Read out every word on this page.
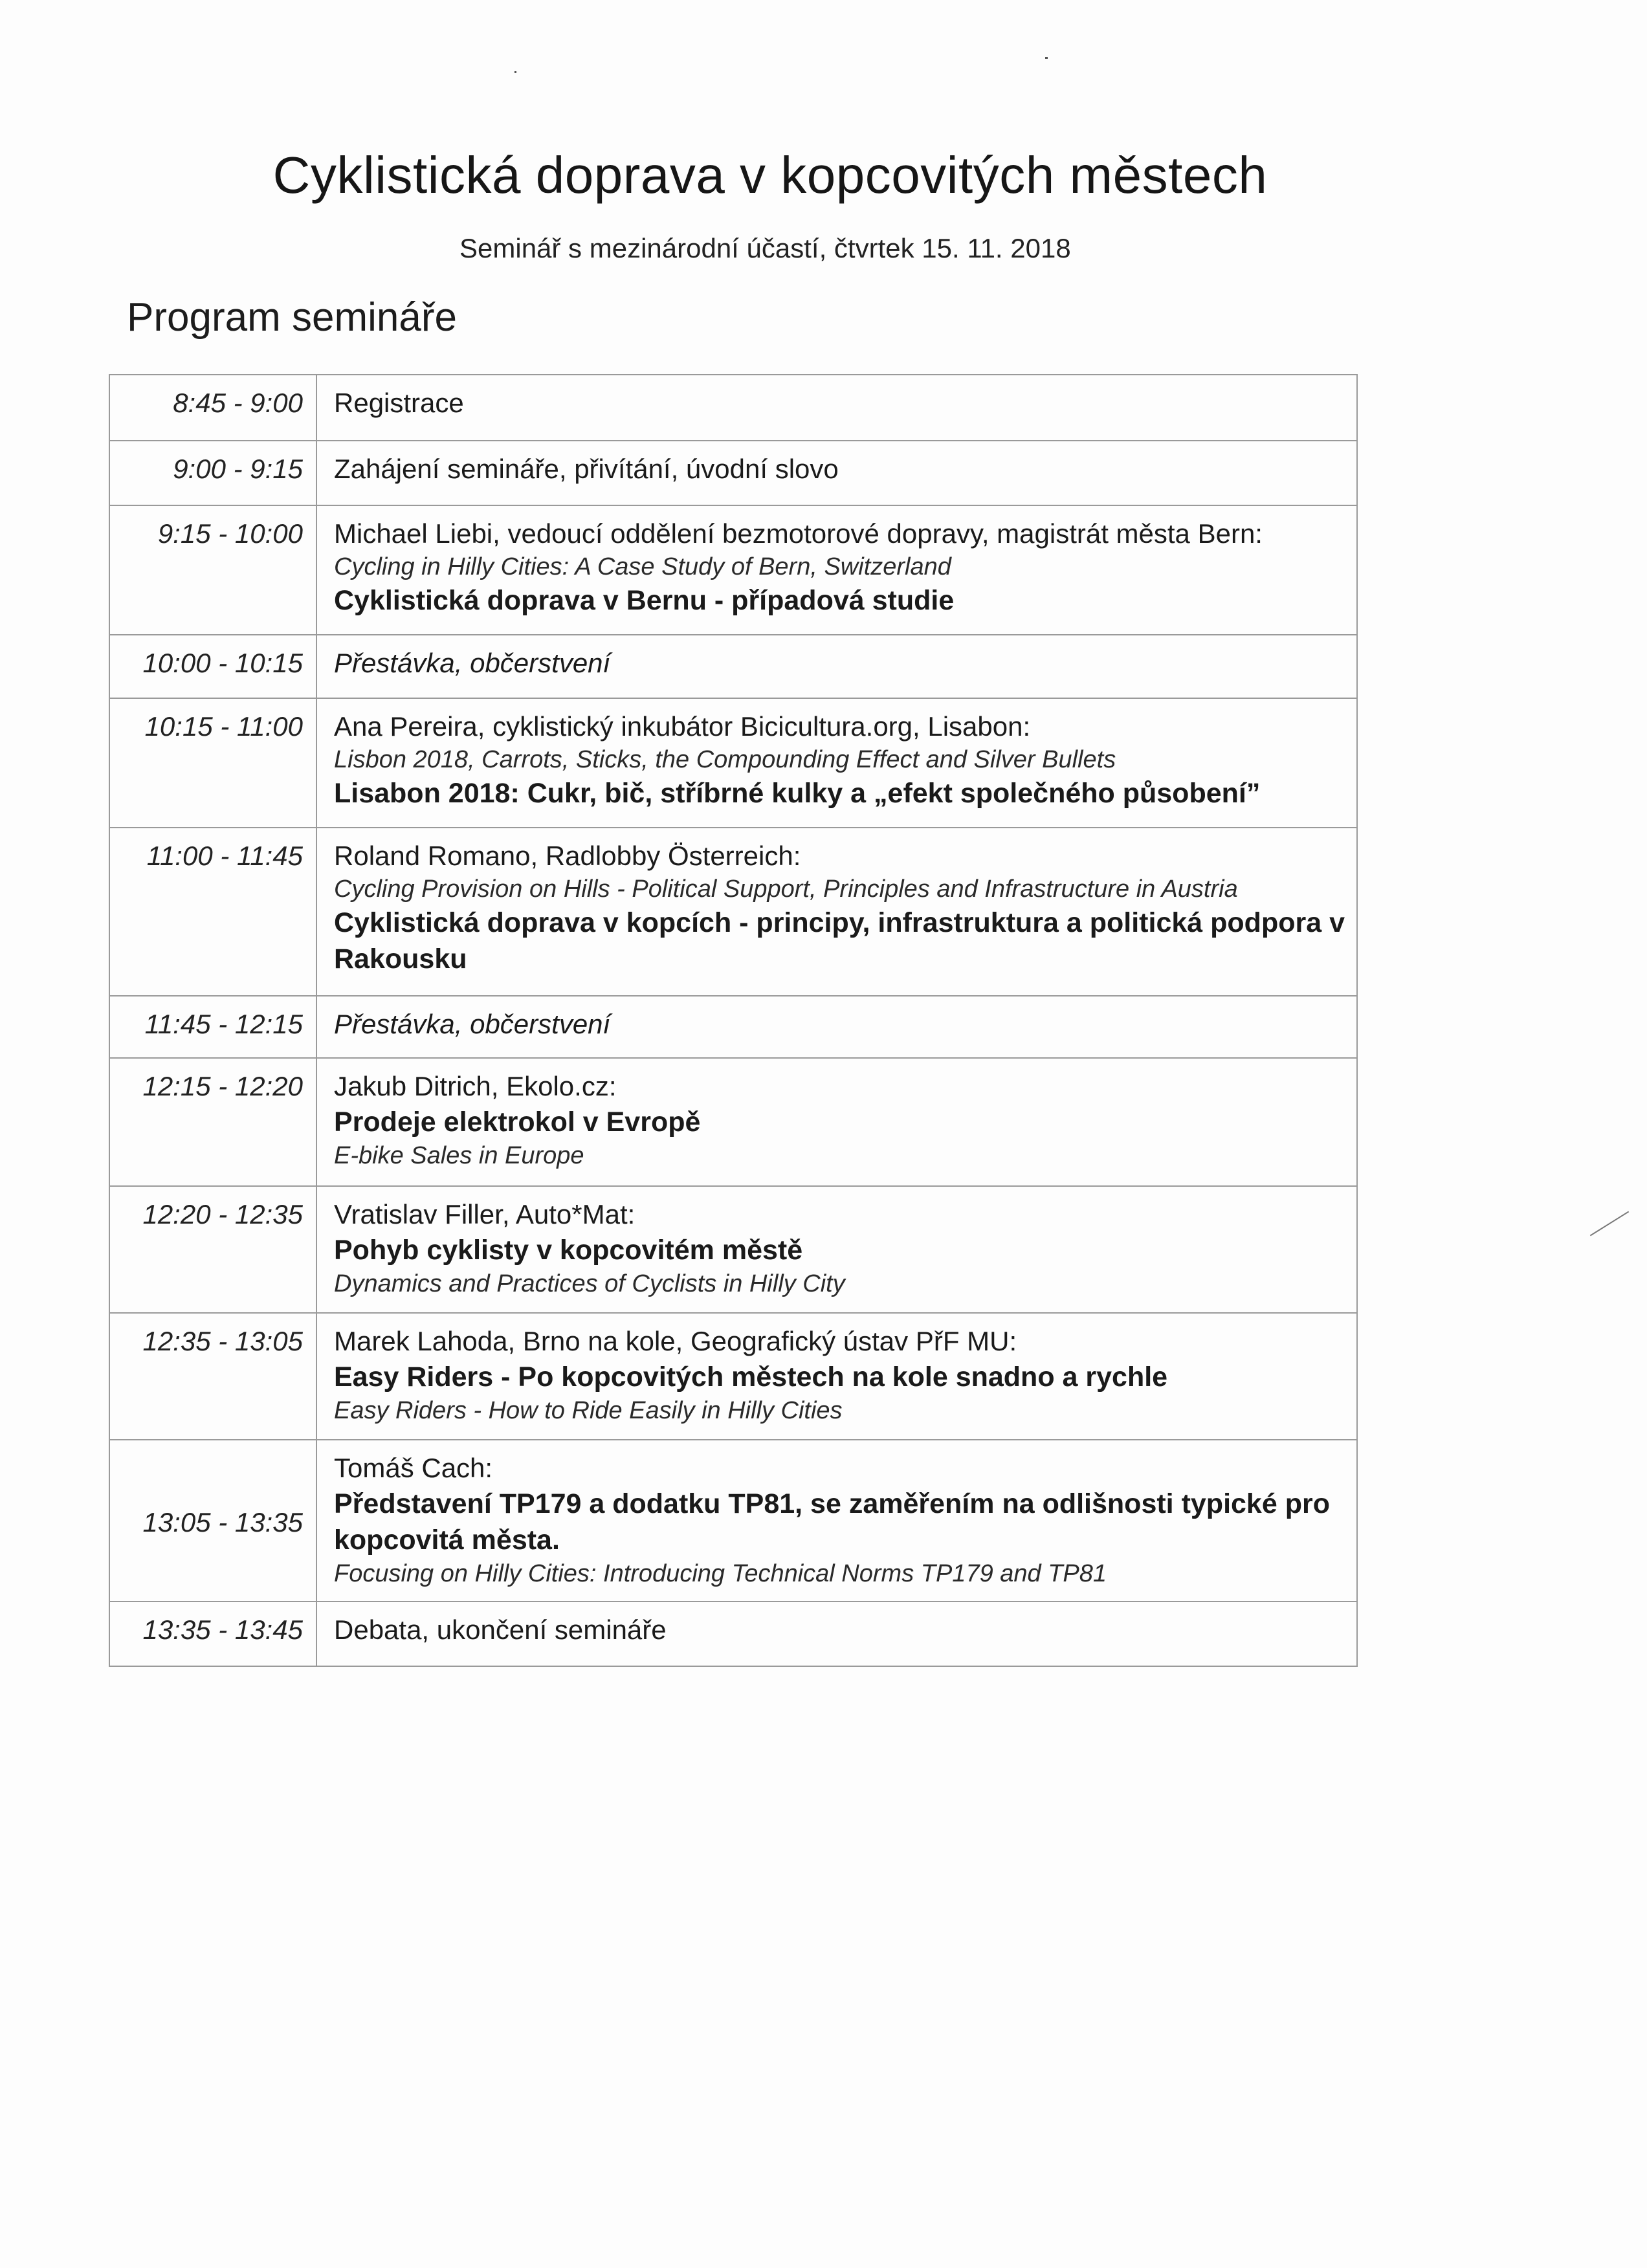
Cyklistická doprava v kopcovitých městech
Seminář s mezinárodní účastí, čtvrtek 15. 11. 2018
Program semináře
8:45 - 9:00	Registrace

9:00 - 9:15	Zahájení semináře, přivítání, úvodní slovo

9:15 - 10:00	Michael Liebi, vedoucí oddělení bezmotorové dopravy, magistrát města Bern:
Cycling in Hilly Cities: A Case Study of Bern, Switzerland
Cyklistická doprava v Bernu - případová studie

10:00 - 10:15	Přestávka, občerstvení

10:15 - 11:00	Ana Pereira, cyklistický inkubátor Bicicultura.org, Lisabon:
Lisbon 2018, Carrots, Sticks, the Compounding Effect and Silver Bullets
Lisabon 2018: Cukr, bič, stříbrné kulky a „efekt společného působení”

11:00 - 11:45	Roland Romano, Radlobby Österreich:
Cycling Provision on Hills - Political Support, Principles and Infrastructure in Austria
Cyklistická doprava v kopcích - principy, infrastruktura a politická podpora v Rakousku

11:45 - 12:15	Přestávka, občerstvení

12:15 - 12:20	Jakub Ditrich, Ekolo.cz:
Prodeje elektrokol v Evropě
E-bike Sales in Europe

12:20 - 12:35	Vratislav Filler, Auto*Mat:
Pohyb cyklisty v kopcovitém městě
Dynamics and Practices of Cyclists in Hilly City

12:35 - 13:05	Marek Lahoda, Brno na kole, Geografický ústav PřF MU:
Easy Riders - Po kopcovitých městech na kole snadno a rychle
Easy Riders - How to Ride Easily in Hilly Cities

13:05 - 13:35	Tomáš Cach:
Představení TP179 a dodatku TP81, se zaměřením na odlišnosti typické pro kopcovitá města.
Focusing on Hilly Cities: Introducing Technical Norms TP179 and TP81

13:35 - 13:45	Debata, ukončení semináře
